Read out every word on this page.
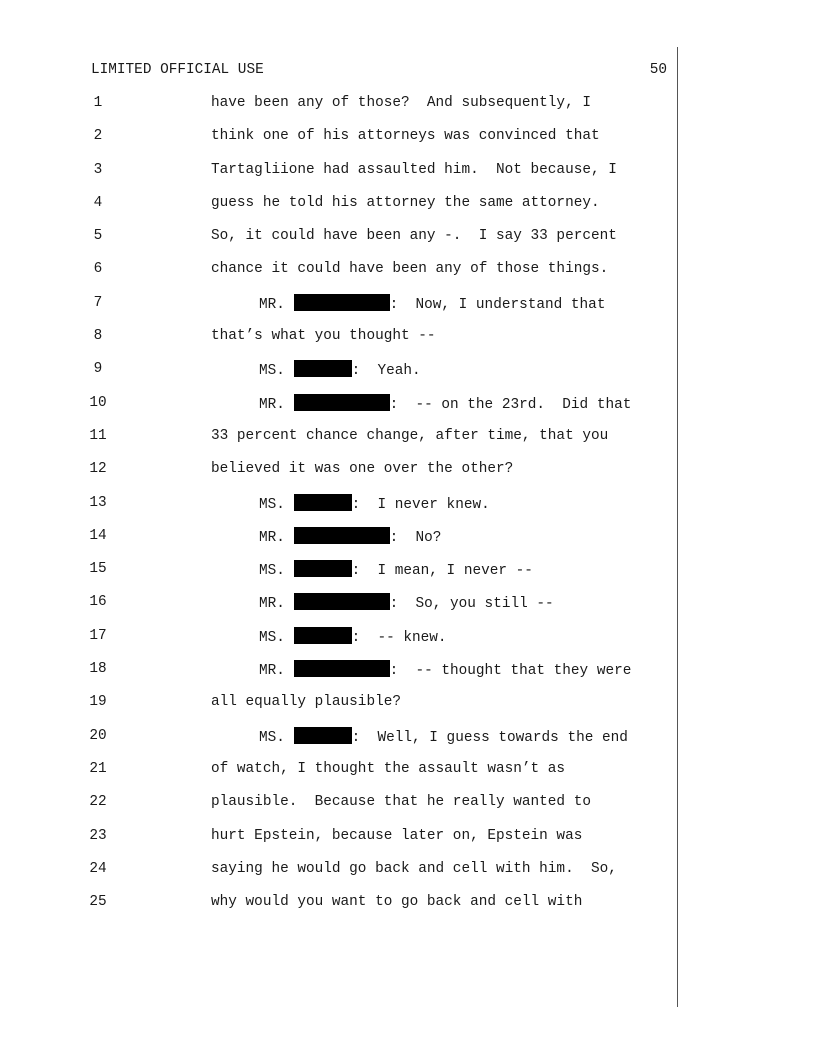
LIMITED OFFICIAL USE	50
1	have been any of those?  And subsequently, I
2	think one of his attorneys was convinced that
3	Tartagliione had assaulted him.  Not because, I
4	guess he told his attorney the same attorney.
5	So, it could have been any -.  I say 33 percent
6	chance it could have been any of those things.
7	MR.	:  Now, I understand that
8	that’s what you thought --
9	MS.	:  Yeah.
10	MR.	:  -- on the 23rd.  Did that
11	33 percent chance change, after time, that you
12	believed it was one over the other?
13	MS.	:  I never knew.
14	MR.	:  No?
15	MS.	:  I mean, I never --
16	MR.	:  So, you still --
17	MS.	:  -- knew.
18	MR.	:  -- thought that they were
19	all equally plausible?
20	MS.	:  Well, I guess towards the end
21	of watch, I thought the assault wasn’t as
22	plausible.  Because that he really wanted to
23	hurt Epstein, because later on, Epstein was
24	saying he would go back and cell with him.  So,
25	why would you want to go back and cell with
